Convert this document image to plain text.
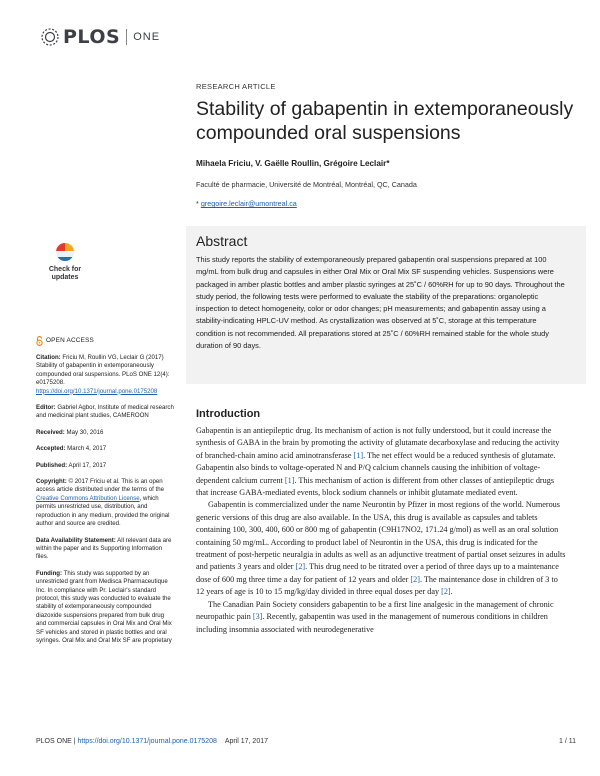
PLOS ONE
RESEARCH ARTICLE
Stability of gabapentin in extemporaneously compounded oral suspensions
Mihaela Friciu, V. Gaëlle Roullin, Grégoire Leclair*
Faculté de pharmacie, Université de Montréal, Montréal, QC, Canada
* gregoire.leclair@umontreal.ca
Check for
updates
OPEN ACCESS

Citation: Friciu M, Roullin VG, Leclair G (2017) Stability of gabapentin in extemporaneously compounded oral suspensions. PLoS ONE 12(4): e0175208. https://doi.org/10.1371/journal.pone.0175208

Editor: Gabriel Agbor, Institute of medical research and medicinal plant studies, CAMEROON

Received: May 30, 2016

Accepted: March 4, 2017

Published: April 17, 2017

Copyright: © 2017 Friciu et al. This is an open access article distributed under the terms of the Creative Commons Attribution License, which permits unrestricted use, distribution, and reproduction in any medium, provided the original author and source are credited.

Data Availability Statement: All relevant data are within the paper and its Supporting Information files.

Funding: This study was supported by an unrestricted grant from Medisca Pharmaceutique Inc. In compliance with Pr. Leclair's standard protocol, this study was conducted to evaluate the stability of extemporaneously compounded diazoxide suspensions prepared from bulk drug and commercial capsules in Oral Mix and Oral Mix SF vehicles and stored in plastic bottles and oral syringes. Oral Mix and Oral Mix SF are proprietary

Abstract
This study reports the stability of extemporaneously prepared gabapentin oral suspensions prepared at 100 mg/mL from bulk drug and capsules in either Oral Mix or Oral Mix SF suspending vehicles. Suspensions were packaged in amber plastic bottles and amber plastic syringes at 25˚C / 60%RH for up to 90 days. Throughout the study period, the following tests were performed to evaluate the stability of the preparations: organoleptic inspection to detect homogeneity, color or odor changes; pH measurements; and gabapentin assay using a stability-indicating HPLC-UV method. As crystallization was observed at 5˚C, storage at this temperature condition is not recommended. All preparations stored at 25˚C / 60%RH remained stable for the whole study duration of 90 days.
Introduction

Gabapentin is an antiepileptic drug. Its mechanism of action is not fully understood, but it could increase the synthesis of GABA in the brain by promoting the activity of glutamate decarboxylase and reducing the activity of branched-chain amino acid aminotransferase [1]. The net effect would be a reduced synthesis of glutamate. Gabapentin also binds to voltage-operated N and P/Q calcium channels causing the inhibition of voltage-dependent calcium current [1]. This mechanism of action is different from other classes of antiepileptic drugs that increase GABA-mediated events, block sodium channels or inhibit glutamate mediated event.

Gabapentin is commercialized under the name Neurontin by Pfizer in most regions of the world. Numerous generic versions of this drug are also available. In the USA, this drug is available as capsules and tablets containing 100, 300, 400, 600 or 800 mg of gabapentin (C9H17NO2, 171.24 g/mol) as well as an oral solution containing 50 mg/mL. According to product label of Neurontin in the USA, this drug is indicated for the treatment of post-herpetic neuralgia in adults as well as an adjunctive treatment of partial onset seizures in adults and patients 3 years and older [2]. This drug need to be titrated over a period of three days up to a maintenance dose of 600 mg three time a day for patient of 12 years and older [2]. The maintenance dose in children of 3 to 12 years of age is 10 to 15 mg/kg/day divided in three equal doses per day [2].

The Canadian Pain Society considers gabapentin to be a first line analgesic in the management of chronic neuropathic pain [3]. Recently, gabapentin was used in the management of numerous conditions in children including insomnia associated with neurodegenerative

PLOS ONE | https://doi.org/10.1371/journal.pone.0175208 April 17, 2017	1 / 11
